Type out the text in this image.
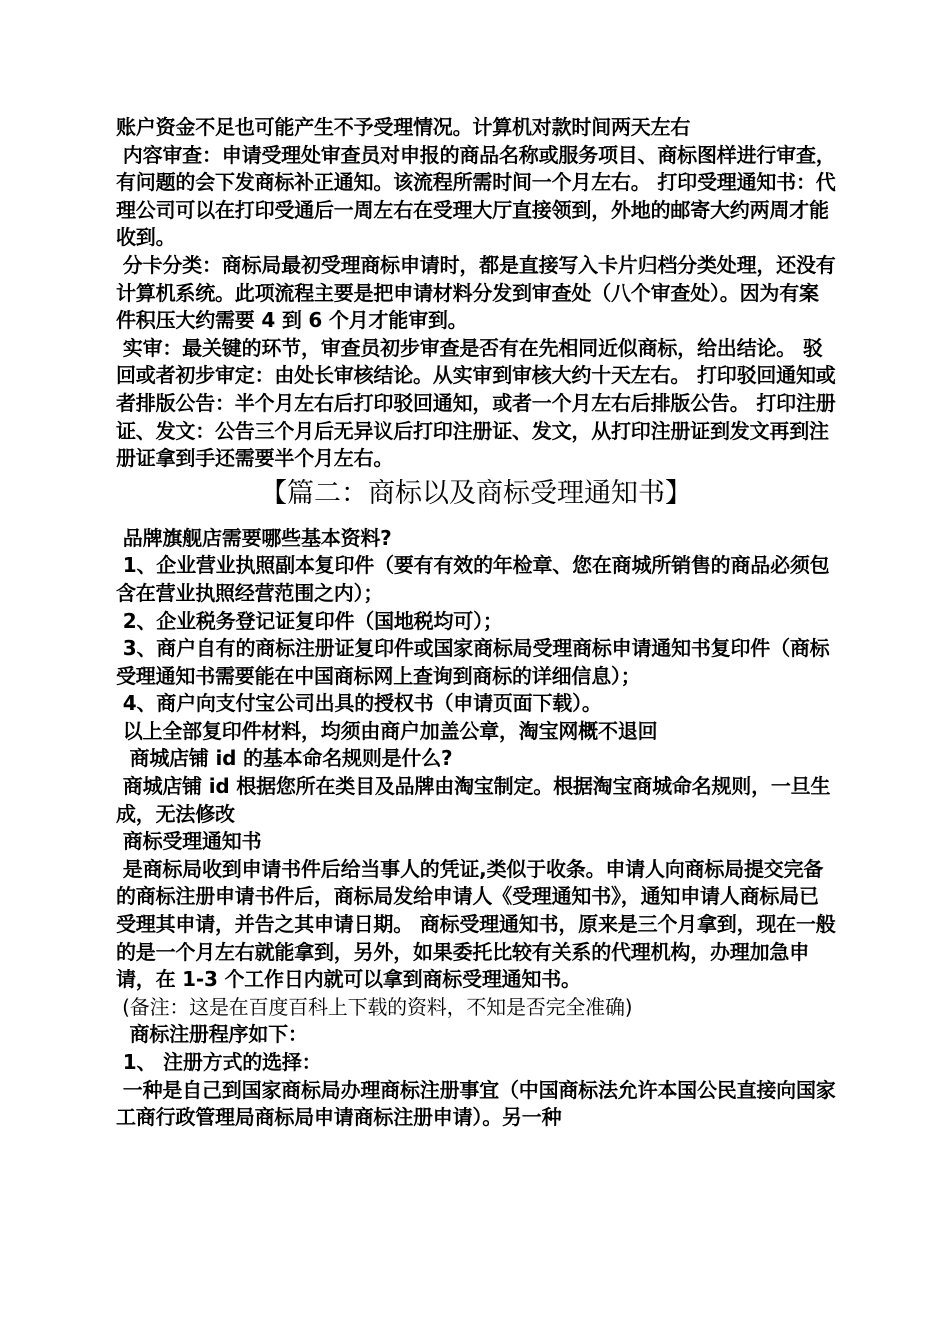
账户资金不足也可能产生不予受理情况。计算机对款时间两天左右

内容审查：申请受理处审查员对申报的商品名称或服务项目、商标图样进行审查，有问题的会下发商标补正通知。该流程所需时间一个月左右。 打印受理通知书：代理公司可以在打印受通后一周左右在受理大厅直接领到，外地的邮寄大约两周才能收到。

分卡分类：商标局最初受理商标申请时，都是直接写入卡片归档分类处理，还没有计算机系统。此项流程主要是把申请材料分发到审查处（八个审查处）。因为有案件积压大约需要 4 到 6 个月才能审到。

实审：最关键的环节，审查员初步审查是否有在先相同近似商标，给出结论。 驳回或者初步审定：由处长审核结论。从实审到审核大约十天左右。 打印驳回通知或者排版公告：半个月左右后打印驳回通知，或者一个月左右后排版公告。 打印注册证、发文：公告三个月后无异议后打印注册证、发文，从打印注册证到发文再到注册证拿到手还需要半个月左右。

【篇二：商标以及商标受理通知书】

品牌旗舰店需要哪些基本资料?

1、企业营业执照副本复印件（要有有效的年检章、您在商城所销售的商品必须包含在营业执照经营范围之内）；

2、企业税务登记证复印件（国地税均可）；

3、商户自有的商标注册证复印件或国家商标局受理商标申请通知书复印件（商标受理通知书需要能在中国商标网上查询到商标的详细信息）；

4、商户向支付宝公司出具的授权书（申请页面下载）。

以上全部复印件材料，均须由商户加盖公章，淘宝网概不退回

商城店铺 id 的基本命名规则是什么?

商城店铺 id 根据您所在类目及品牌由淘宝制定。根据淘宝商城命名规则，一旦生成，无法修改

商标受理通知书

是商标局收到申请书件后给当事人的凭证,类似于收条。申请人向商标局提交完备的商标注册申请书件后，商标局发给申请人《受理通知书》，通知申请人商标局已受理其申请，并告之其申请日期。 商标受理通知书，原来是三个月拿到，现在一般的是一个月左右就能拿到，另外，如果委托比较有关系的代理机构，办理加急申请，在 1-3 个工作日内就可以拿到商标受理通知书。

(备注：这是在百度百科上下载的资料，不知是否完全准确)

商标注册程序如下：

1、 注册方式的选择：

一种是自己到国家商标局办理商标注册事宜（中国商标法允许本国公民直接向国家工商行政管理局商标局申请商标注册申请）。另一种
